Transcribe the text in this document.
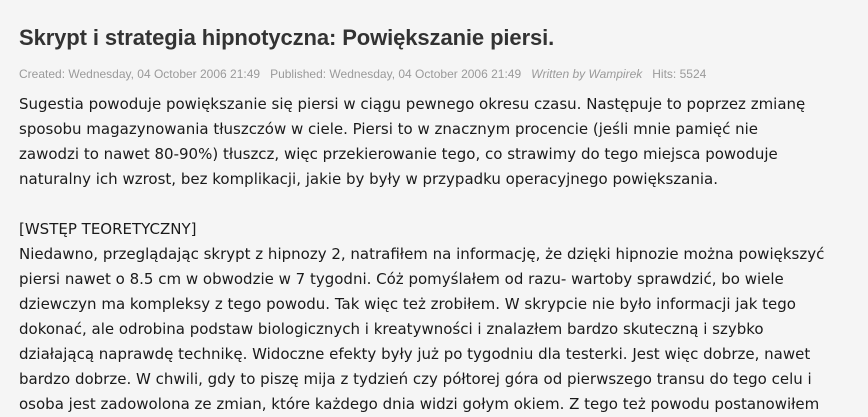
Skrypt i strategia hipnotyczna: Powiększanie piersi.
Created: Wednesday, 04 October 2006 21:49 Published: Wednesday, 04 October 2006 21:49 Written by Wampirek Hits: 5524
Sugestia powoduje powiększanie się piersi w ciągu pewnego okresu czasu. Następuje to poprzez zmianę
sposobu magazynowania tłuszczów w ciele. Piersi to w znacznym procencie (jeśli mnie pamięć nie
zawodzi to nawet 80-90%) tłuszcz, więc przekierowanie tego, co strawimy do tego miejsca powoduje
naturalny ich wzrost, bez komplikacji, jakie by były w przypadku operacyjnego powiększania.
[WSTĘP TEORETYCZNY]
Niedawno, przeglądając skrypt z hipnozy 2, natrafiłem na informację, że dzięki hipnozie można powiększyć
piersi nawet o 8.5 cm w obwodzie w 7 tygodni. Cóż pomyślałem od razu- wartoby sprawdzić, bo wiele
dziewczyn ma kompleksy z tego powodu. Tak więc też zrobiłem. W skrypcie nie było informacji jak tego
dokonać, ale odrobina podstaw biologicznych i kreatywności i znalazłem bardzo skuteczną i szybko
działającą naprawdę technikę. Widoczne efekty były już po tygodniu dla testerki. Jest więc dobrze, nawet
bardzo dobrze. W chwili, gdy to piszę mija z tydzień czy półtorej góra od pierwszego transu do tego celu i
osoba jest zadowolona ze zmian, które każdego dnia widzi gołym okiem. Z tego też powodu postanowiłem
